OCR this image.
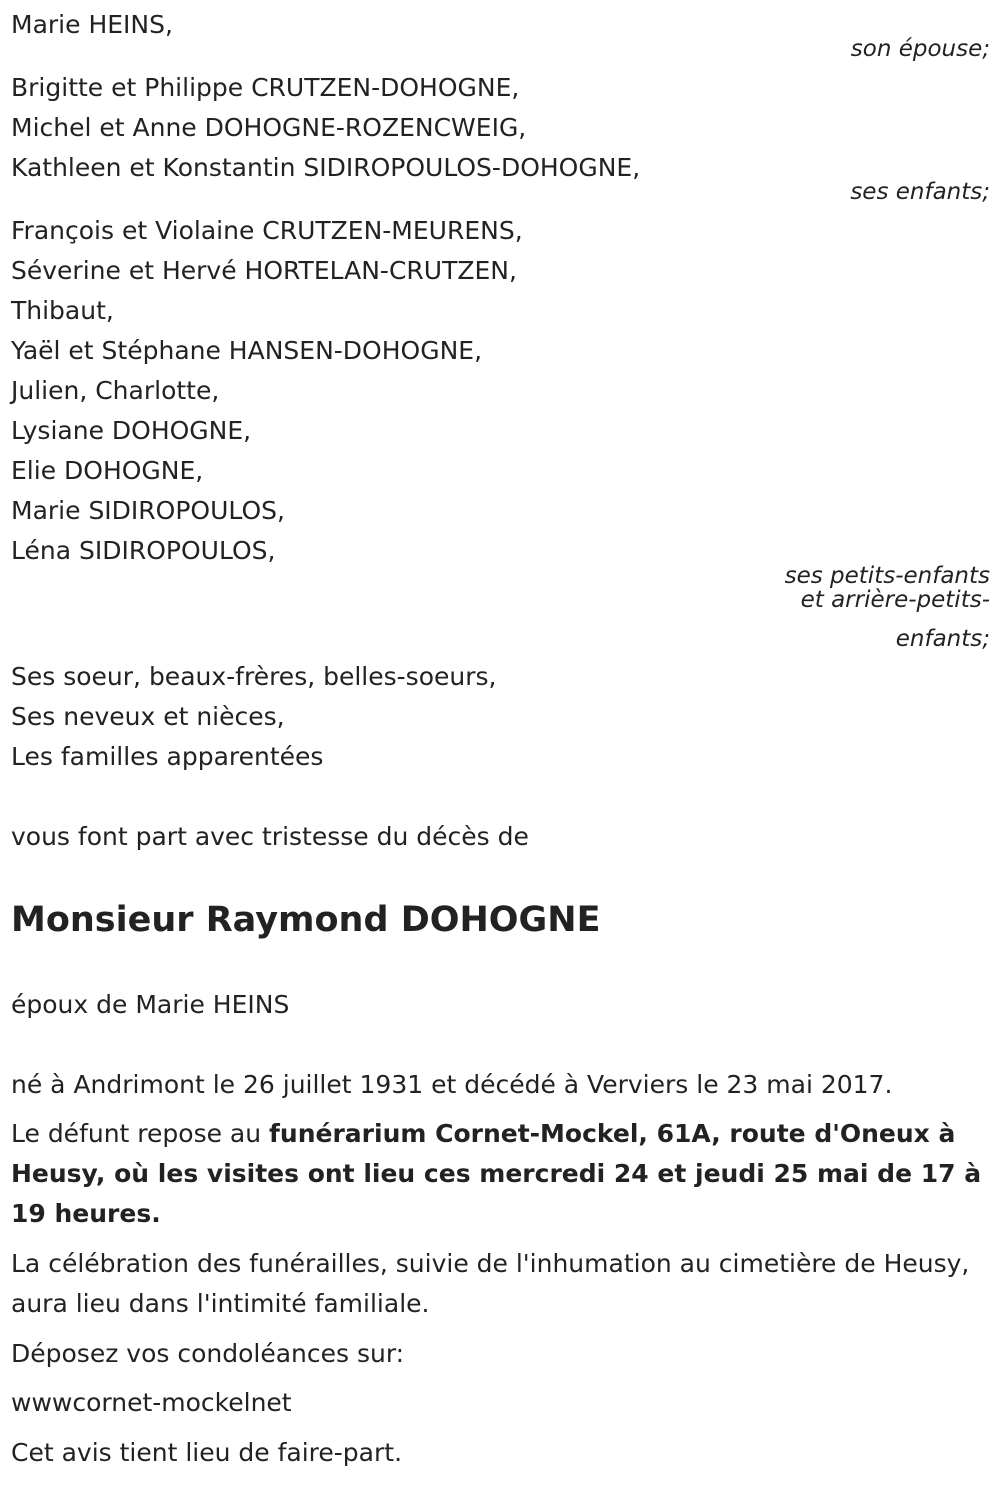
Marie HEINS,

son épouse;

Brigitte et Philippe CRUTZEN-DOHOGNE,

Michel et Anne DOHOGNE-ROZENCWEIG,

Kathleen et Konstantin SIDIROPOULOS-DOHOGNE,

ses enfants;

François et Violaine CRUTZEN-MEURENS,

Séverine et Hervé HORTELAN-CRUTZEN,

Thibaut,

Yaël et Stéphane HANSEN-DOHOGNE,

Julien, Charlotte,

Lysiane DOHOGNE,

Elie DOHOGNE,

Marie SIDIROPOULOS,

Léna SIDIROPOULOS,

ses petits-enfants
et arrière-petits-
enfants;

Ses soeur, beaux-frères, belles-soeurs,

Ses neveux et nièces,

Les familles apparentées

vous font part avec tristesse du décès de

Monsieur Raymond DOHOGNE

époux de Marie HEINS

né à Andrimont le 26 juillet 1931 et décédé à Verviers le 23 mai 2017.

Le défunt repose au funérarium Cornet-Mockel, 61A, route d'Oneux à Heusy, où les visites ont lieu ces mercredi 24 et jeudi 25 mai de 17 à 19 heures.

La célébration des funérailles, suivie de l'inhumation au cimetière de Heusy, aura lieu dans l'intimité familiale.

Déposez vos condoléances sur:

wwwcornet-mockelnet

Cet avis tient lieu de faire-part.
